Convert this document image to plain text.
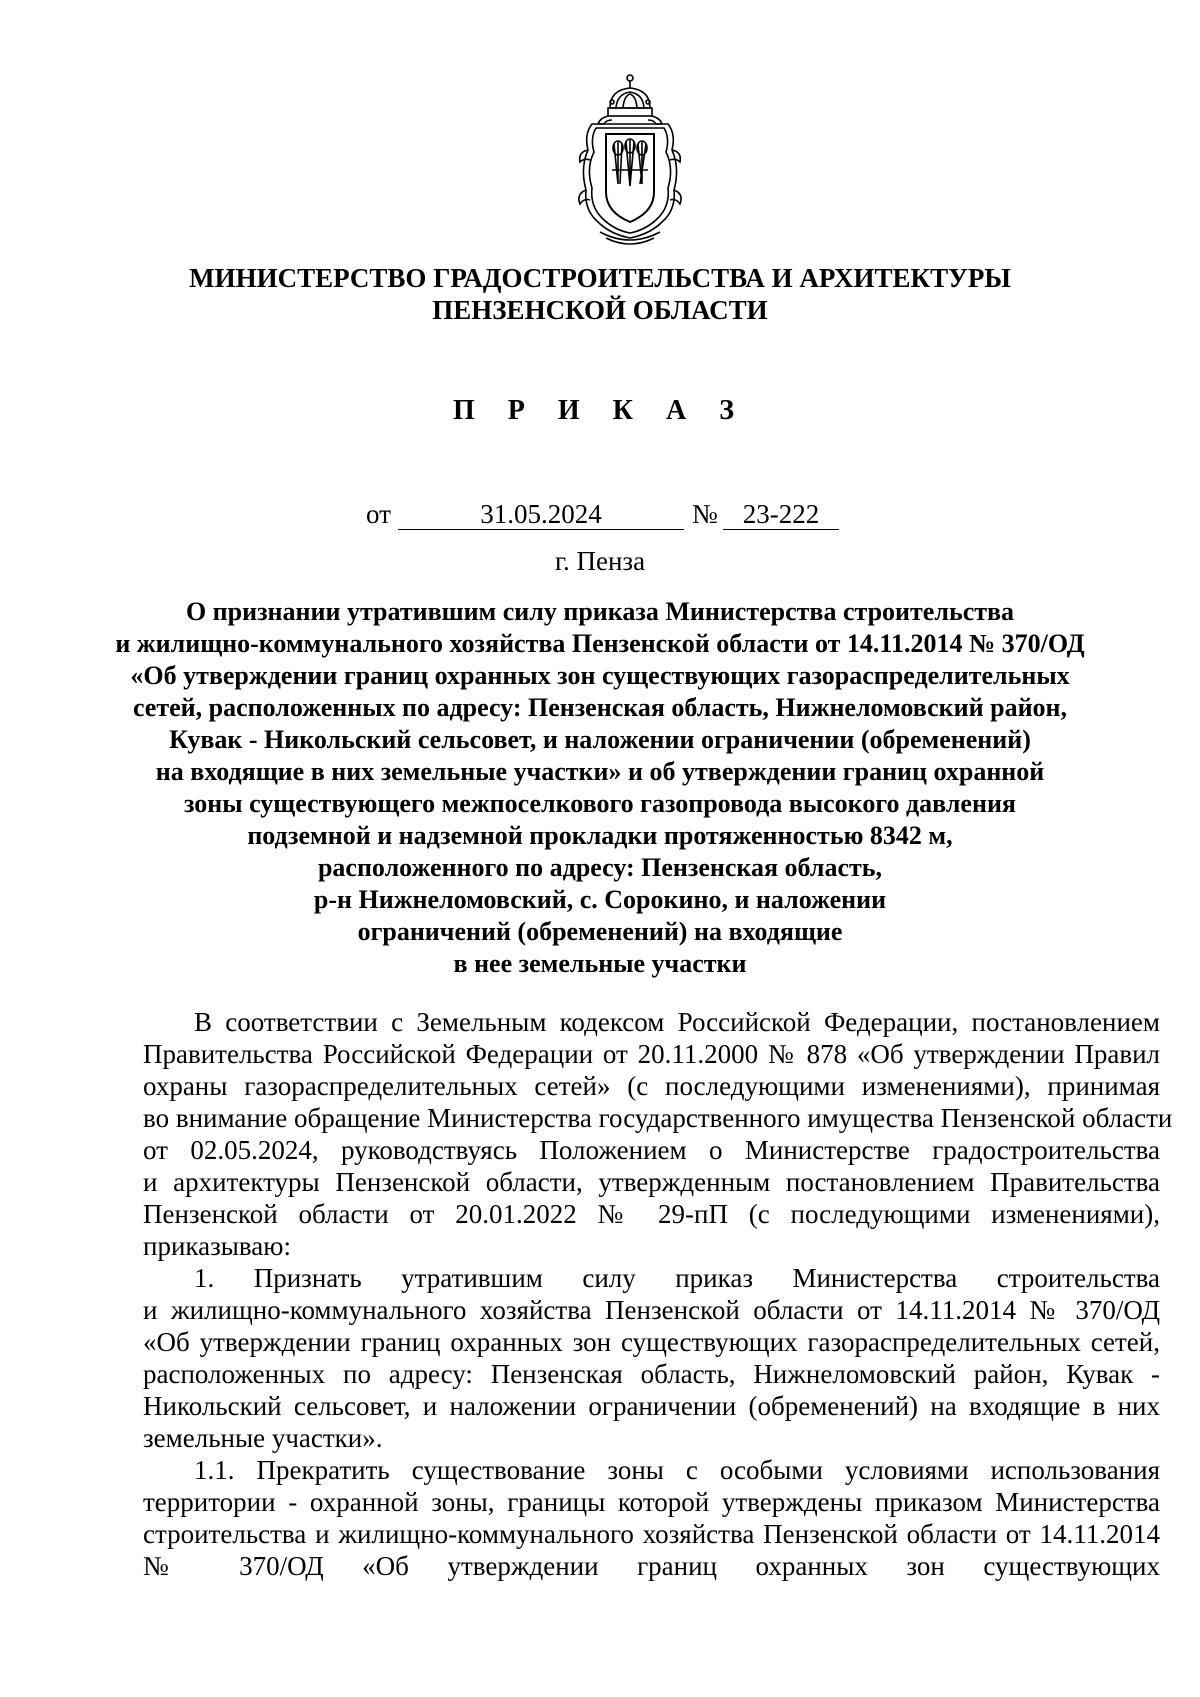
МИНИСТЕРСТВО ГРАДОСТРОИТЕЛЬСТВА И АРХИТЕКТУРЫ
ПЕНЗЕНСКОЙ ОБЛАСТИ
П Р И К А З
от	31.05.2024	№ 23-222
г. Пенза
О признании утратившим силу приказа Министерства строительства
и жилищно-коммунального хозяйства Пензенской области от 14.11.2014 № 370/ОД
«Об утверждении границ охранных зон существующих газораспределительных
сетей, расположенных по адресу: Пензенская область, Нижнеломовский район,
Кувак - Никольский сельсовет, и наложении ограничении (обременений)
на входящие в них земельные участки» и об утверждении границ охранной
зоны существующего межпоселкового газопровода высокого давления
подземной и надземной прокладки протяженностью 8342 м,
расположенного по адресу: Пензенская область,
р-н Нижнеломовский, с. Сорокино, и наложении
ограничений (обременений) на входящие
в нее земельные участки
В соответствии с Земельным кодексом Российской Федерации, постановлением
Правительства Российской Федерации от 20.11.2000 № 878 «Об утверждении Правил
охраны газораспределительных сетей» (с последующими изменениями), принимая
во внимание обращение Министерства государственного имущества Пензенской области
от 02.05.2024, руководствуясь Положением о Министерстве градостроительства
и архитектуры Пензенской области, утвержденным постановлением Правительства
Пензенской области от 20.01.2022 № 29-пП (с последующими изменениями),
приказываю:
1. Признать утратившим силу приказ Министерства строительства
и жилищно-коммунального хозяйства Пензенской области от 14.11.2014 № 370/ОД
«Об утверждении границ охранных зон существующих газораспределительных сетей,
расположенных по адресу: Пензенская область, Нижнеломовский район, Кувак -
Никольский сельсовет, и наложении ограничении (обременений) на входящие в них
земельные участки».
1.1. Прекратить существование зоны с особыми условиями использования
территории - охранной зоны, границы которой утверждены приказом Министерства
строительства и жилищно-коммунального хозяйства Пензенской области от 14.11.2014
№ 370/ОД «Об утверждении границ охранных зон существующих
